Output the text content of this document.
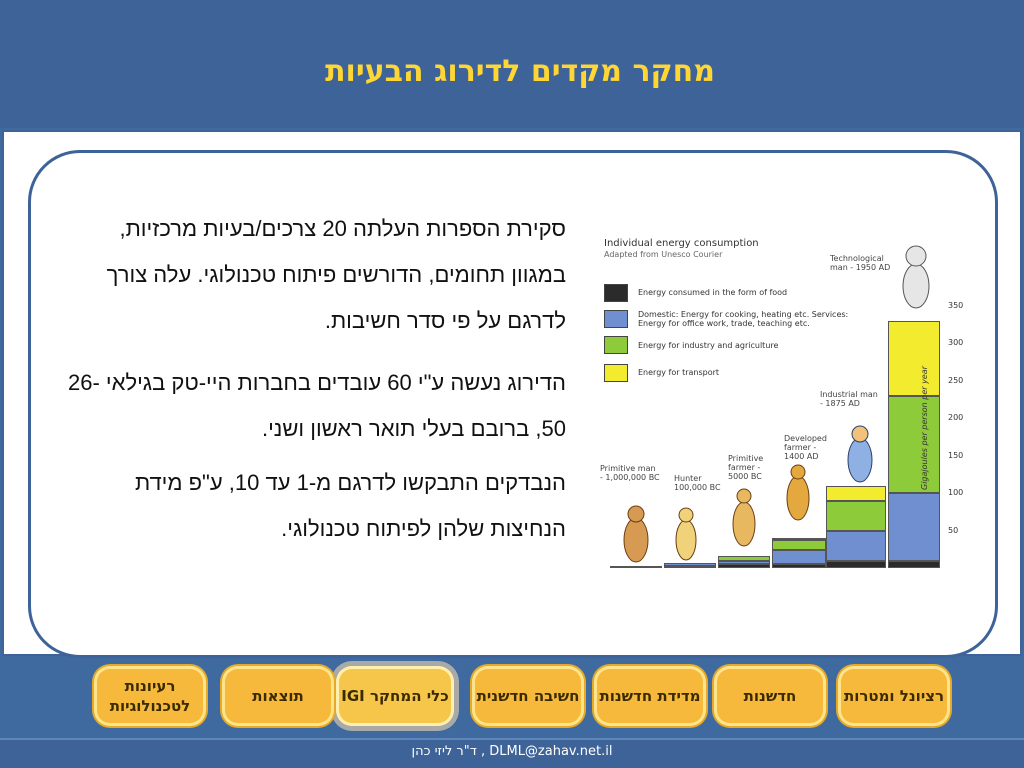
מחקר מקדים לדירוג הבעיות

סקירת הספרות העלתה 20 צרכים/בעיות מרכזיות, במגוון תחומים, הדורשים פיתוח טכנולוגי. עלה צורך לדרגם על פי סדר חשיבות.

הדירוג נעשה ע"י 60 עובדים בחברות היי-טק בגילאי 26-50, ברובם בעלי תואר ראשון ושני.

הנבדקים התבקשו לדרגם מ-1 עד 10, ע"פ מידת הנחיצות שלהן לפיתוח טכנולוגי.

Individual energy consumption
Adapted from Unesco Courier
Energy consumed in the form of food
Domestic: Energy for cooking, heating etc. Services: Energy for office work, trade, teaching etc.
Energy for industry and agriculture
Energy for transport
Primitive man - 1,000,000 BC Hunter 100,000 BC
Primitive farmer - 5000 BC
Developed farmer - 1400 AD
Industrial man - 1875 AD
Technological man - 1950 AD
350
300
250
200
150
100
50
Gigajoules per person per year
רציונל ומטרות
חדשנות
מדידת חדשנות
חשיבה חדשנית
כלי המחקר IGI
תוצאות
רעיונות לטכנולוגיות
ד"ר ליזי כהן , DLML@zahav.net.il
